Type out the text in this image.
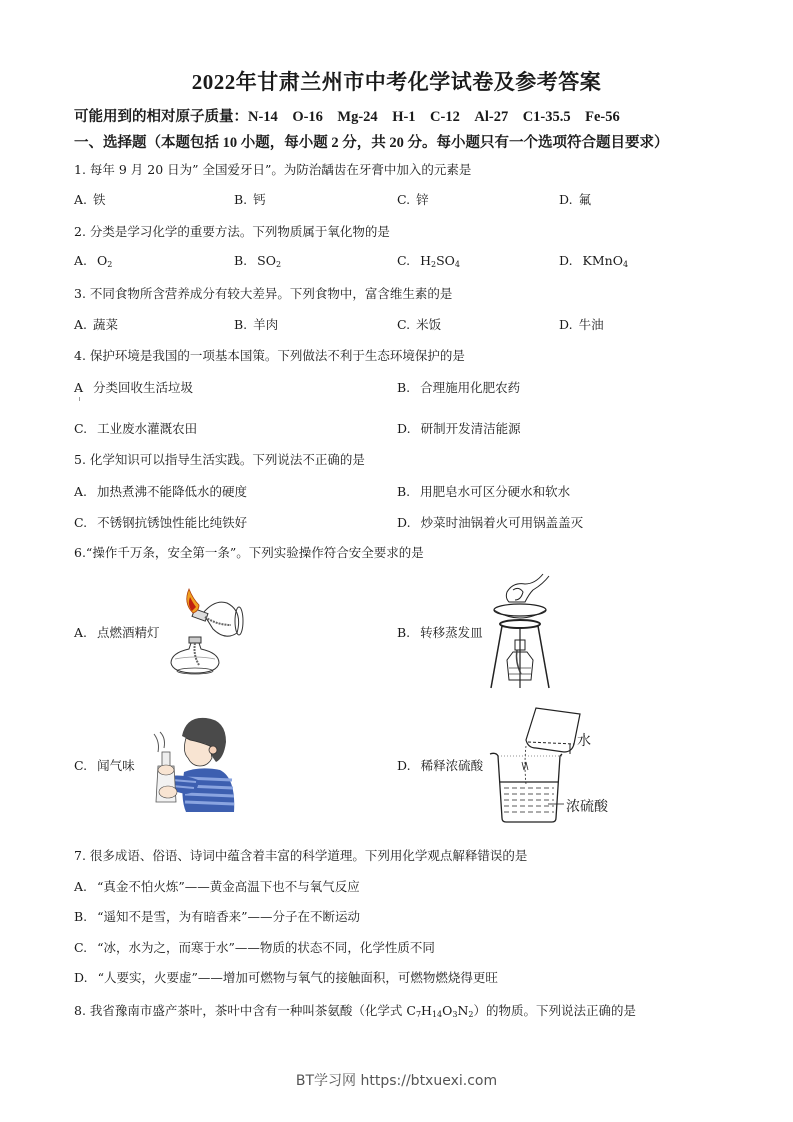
2022年甘肃兰州市中考化学试卷及参考答案
可能用到的相对原子质量：N-14 O-16 Mg-24 H-1 C-12 Al-27 C1-35.5 Fe-56
一、选择题（本题包括 10 小题，每小题 2 分，共 20 分。每小题只有一个选项符合题目要求）
1. 每年 9 月 20 日为” 全国爱牙日”。为防治龋齿在牙膏中加入的元素是
A. 铁	B. 钙	C. 锌	D. 氟
2. 分类是学习化学的重要方法。下列物质属于氧化物的是
A. $O_2$	B. $SO_2$	C. $H_2SO_4$	D. KMnO$_4$
3. 不同食物所含营养成分有较大差异。下列食物中，富含维生素的是
A. 蔬菜	B. 羊肉	C. 米饭	D. 牛油
4. 保护环境是我国的一项基本国策。下列做法不利于生态环境保护的是
A 分类回收生活垃圾	B. 合理施用化肥农药
C. 工业废水灌溉农田	D. 研制开发清洁能源
5. 化学知识可以指导生活实践。下列说法不正确的是
A. 加热煮沸不能降低水的硬度	B. 用肥皂水可区分硬水和软水
C. 不锈钢抗锈蚀性能比纯铁好	D. 炒菜时油锅着火可用锅盖盖灭
6.“操作千万条，安全第一条”。下列实验操作符合安全要求的是
A. 点燃酒精灯	B. 转移蒸发皿
C. 闻气味	D. 稀释浓硫酸
水
浓硫酸
7. 很多成语、俗语、诗词中蕴含着丰富的科学道理。下列用化学观点解释错误的是
A. “真金不怕火炼”——黄金高温下也不与氧气反应
B. “遥知不是雪，为有暗香来”——分子在不断运动
C. “冰，水为之，而寒于水”——物质的状态不同，化学性质不同
D. “人要实，火要虚”——增加可燃物与氧气的接触面积，可燃物燃烧得更旺
8. 我省豫南市盛产茶叶，茶叶中含有一种叫茶氨酸（化学式 $C_7H_{14}O_3N_2$）的物质。下列说法正确的是
BT学习网 https://btxuexi.com
